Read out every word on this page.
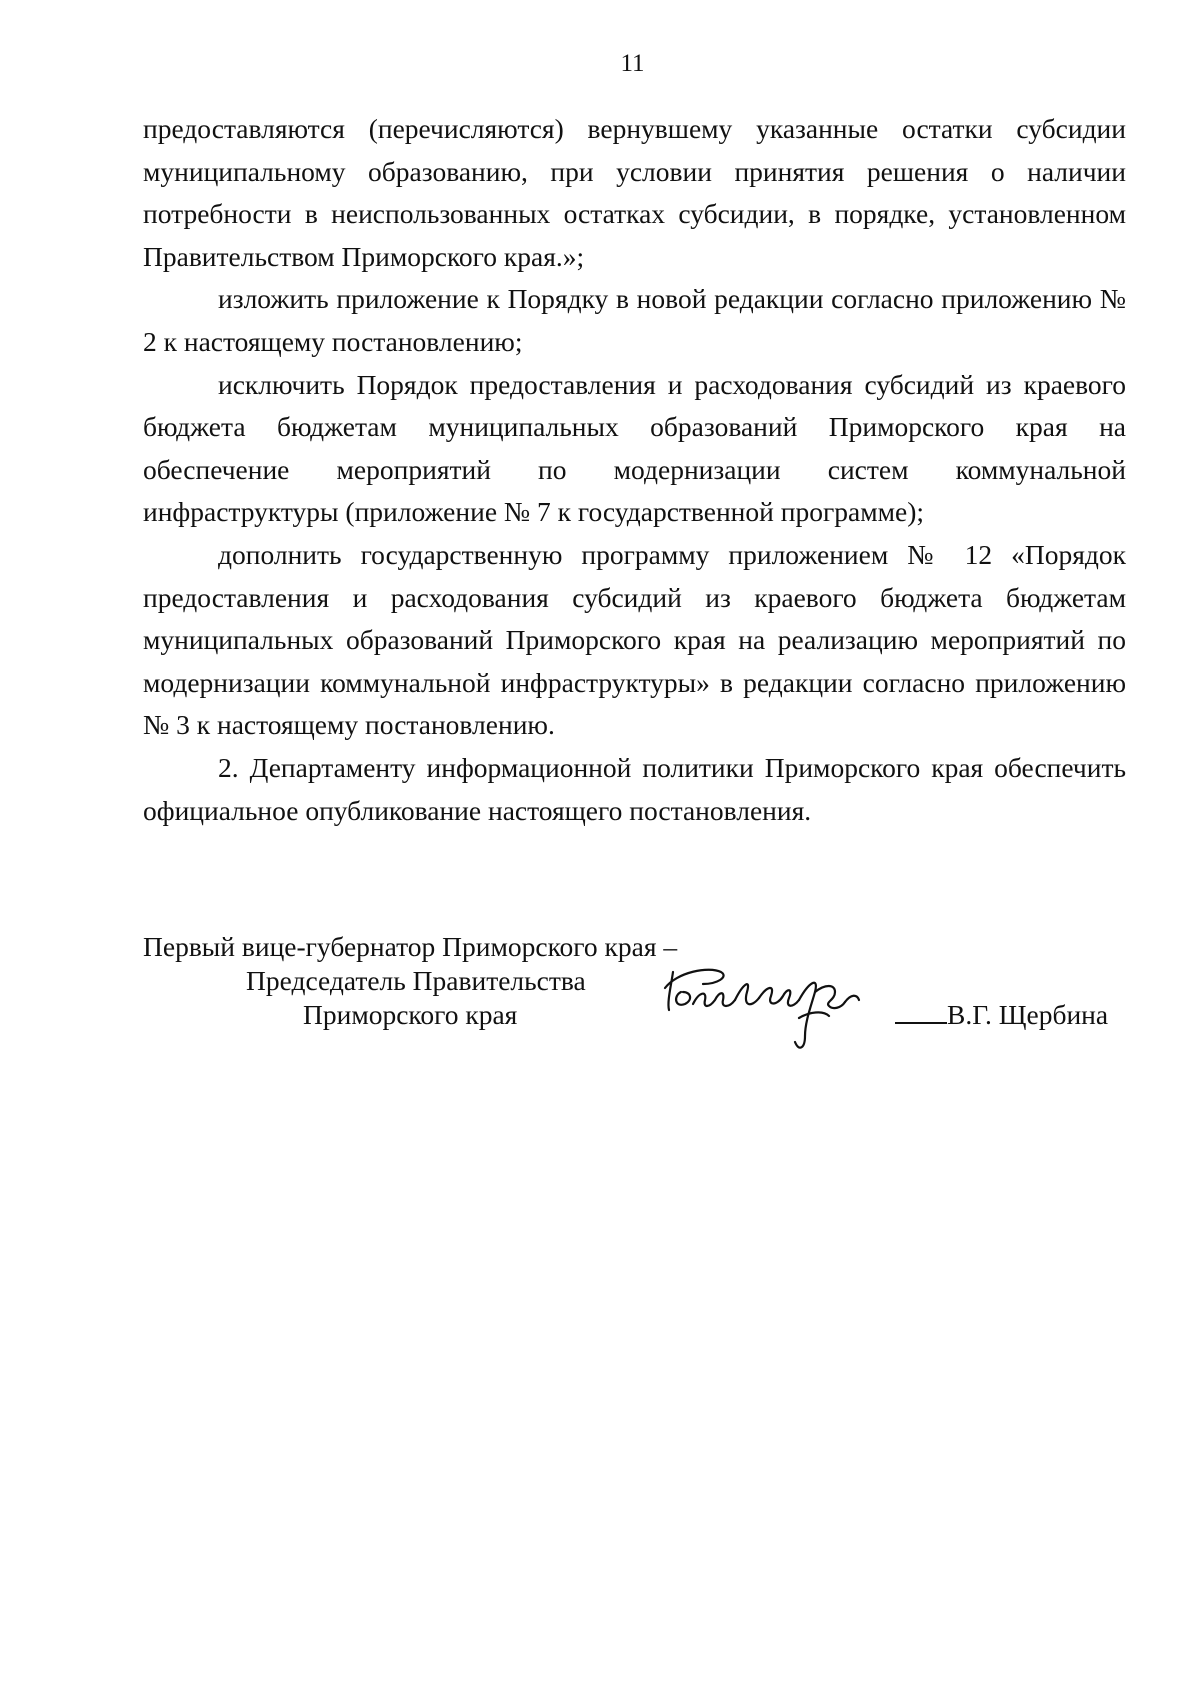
11

предоставляются (перечисляются) вернувшему указанные остатки субсидии муниципальному образованию, при условии принятия решения о наличии потребности в неиспользованных остатках субсидии, в порядке, установленном Правительством Приморского края.»;

изложить приложение к Порядку в новой редакции согласно приложению № 2 к настоящему постановлению;

исключить Порядок предоставления и расходования субсидий из краевого бюджета бюджетам муниципальных образований Приморского края на обеспечение мероприятий по модернизации систем коммунальной инфраструктуры (приложение № 7 к государственной программе);

дополнить государственную программу приложением № 12 «Порядок предоставления и расходования субсидий из краевого бюджета бюджетам муниципальных образований Приморского края на реализацию мероприятий по модернизации коммунальной инфраструктуры» в редакции согласно приложению № 3 к настоящему постановлению.

2. Департаменту информационной политики Приморского края обеспечить официальное опубликование настоящего постановления.

Первый вице-губернатор Приморского края –
Председатель Правительства
Приморского края	В.Г. Щербина
